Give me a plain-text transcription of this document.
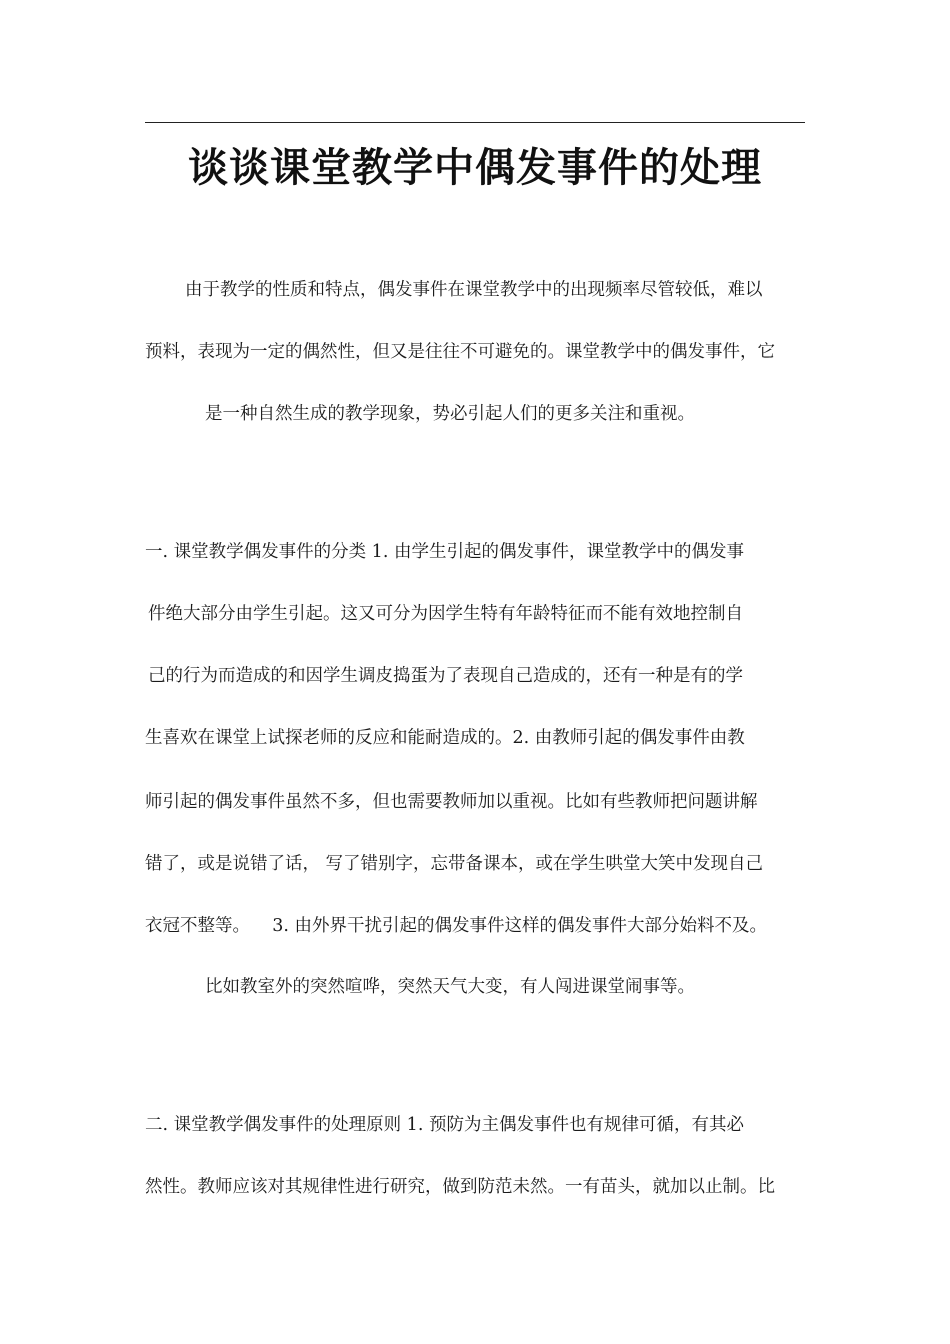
谈谈课堂教学中偶发事件的处理
由于教学的性质和特点，偶发事件在课堂教学中的出现频率尽管较低，难以
预料，表现为一定的偶然性，但又是往往不可避免的。课堂教学中的偶发事件，它
是一种自然生成的教学现象，势必引起人们的更多关注和重视。
一. 课堂教学偶发事件的分类 1. 由学生引起的偶发事件，课堂教学中的偶发事
件绝大部分由学生引起。这又可分为因学生特有年龄特征而不能有效地控制自
己的行为而造成的和因学生调皮捣蛋为了表现自己造成的，还有一种是有的学
生喜欢在课堂上试探老师的反应和能耐造成的。2. 由教师引起的偶发事件由教
师引起的偶发事件虽然不多，但也需要教师加以重视。比如有些教师把问题讲解
错了，或是说错了话， 写了错别字，忘带备课本，或在学生哄堂大笑中发现自己
衣冠不整等。    3. 由外界干扰引起的偶发事件这样的偶发事件大部分始料不及。
比如教室外的突然喧哗，突然天气大变，有人闯进课堂闹事等。
二. 课堂教学偶发事件的处理原则 1. 预防为主偶发事件也有规律可循，有其必
然性。教师应该对其规律性进行研究，做到防范未然。一有苗头，就加以止制。比
